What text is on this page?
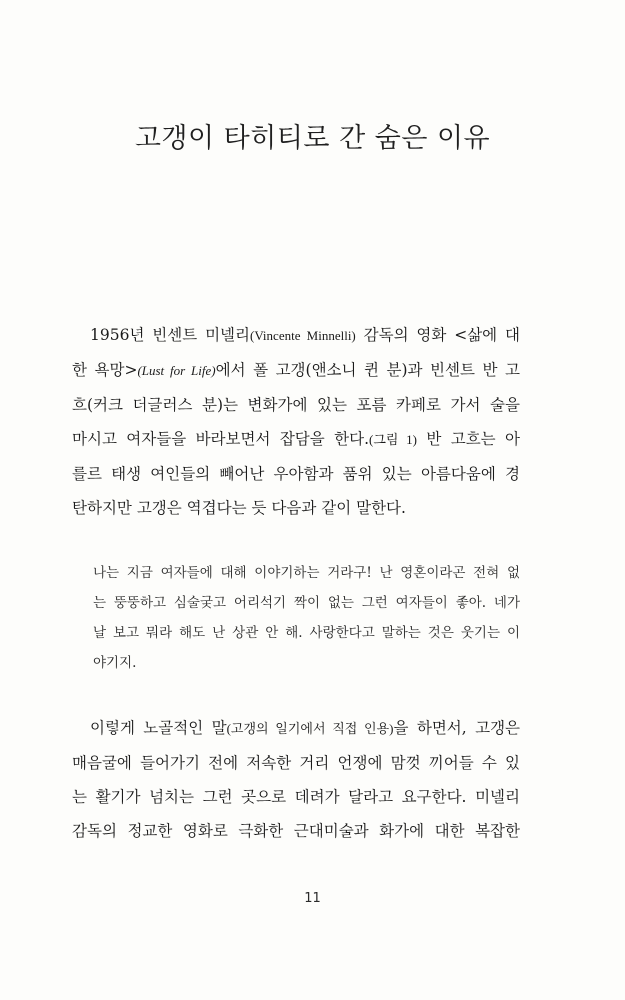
고갱이 타히티로 간 숨은 이유

1956년 빈센트 미넬리(Vincente Minnelli) 감독의 영화 <삶에 대
한 욕망>(Lust for Life)에서 폴 고갱(앤소니 퀸 분)과 빈센트 반 고
흐(커크 더글러스 분)는 변화가에 있는 포름 카페로 가서 술을
마시고 여자들을 바라보면서 잡담을 한다.(그림 1) 반 고흐는 아
를르 태생 여인들의 빼어난 우아함과 품위 있는 아름다움에 경
탄하지만 고갱은 역겹다는 듯 다음과 같이 말한다.

나는 지금 여자들에 대해 이야기하는 거라구! 난 영혼이라곤 전혀 없
는 뚱뚱하고 심술궂고 어리석기 짝이 없는 그런 여자들이 좋아. 네가
날 보고 뭐라 해도 난 상관 안 해. 사랑한다고 말하는 것은 웃기는 이
야기지.

이렇게 노골적인 말(고갱의 일기에서 직접 인용)을 하면서, 고갱은
매음굴에 들어가기 전에 저속한 거리 언쟁에 맘껏 끼어들 수 있
는 활기가 넘치는 그런 곳으로 데려가 달라고 요구한다. 미넬리
감독의 정교한 영화로 극화한 근대미술과 화가에 대한 복잡한

11
